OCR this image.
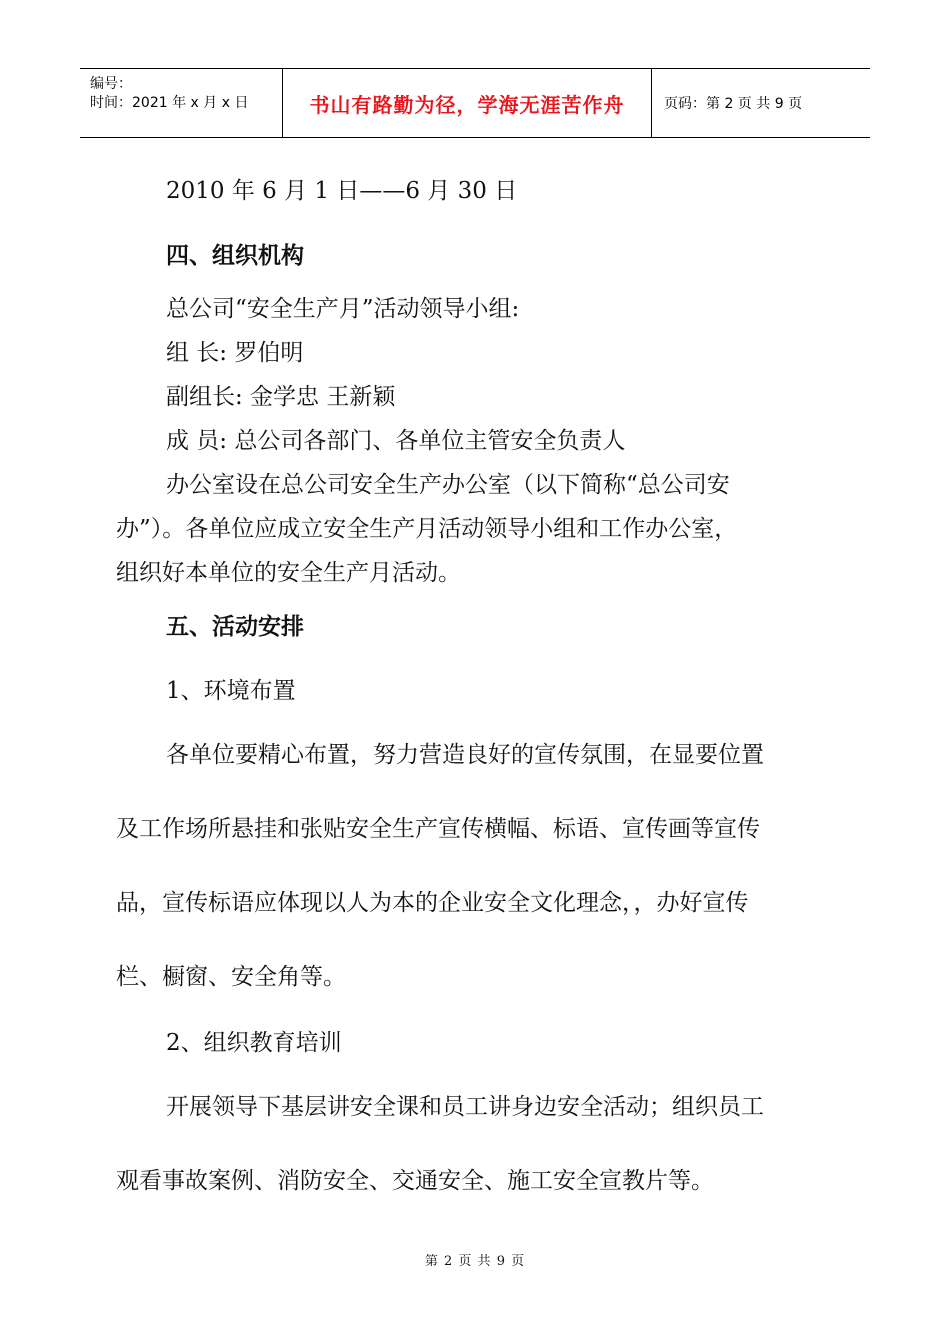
编号：
时间：2021 年 x 月 x 日	书山有路勤为径，学海无涯苦作舟	页码：第 2 页 共 9 页
2010 年 6 月 1 日——6 月 30 日
四、组织机构
总公司“安全生产月”活动领导小组:
组 长: 罗伯明
副组长: 金学忠 王新颖
成 员: 总公司各部门、各单位主管安全负责人
办公室设在总公司安全生产办公室（以下简称“总公司安
办”）。各单位应成立安全生产月活动领导小组和工作办公室，
组织好本单位的安全生产月活动。
五、活动安排
1、环境布置
各单位要精心布置，努力营造良好的宣传氛围，在显要位置
及工作场所悬挂和张贴安全生产宣传横幅、标语、宣传画等宣传
品，宣传标语应体现以人为本的企业安全文化理念，，办好宣传
栏、橱窗、安全角等。
2、组织教育培训
开展领导下基层讲安全课和员工讲身边安全活动；组织员工
观看事故案例、消防安全、交通安全、施工安全宣教片等。
第 2 页 共 9 页
